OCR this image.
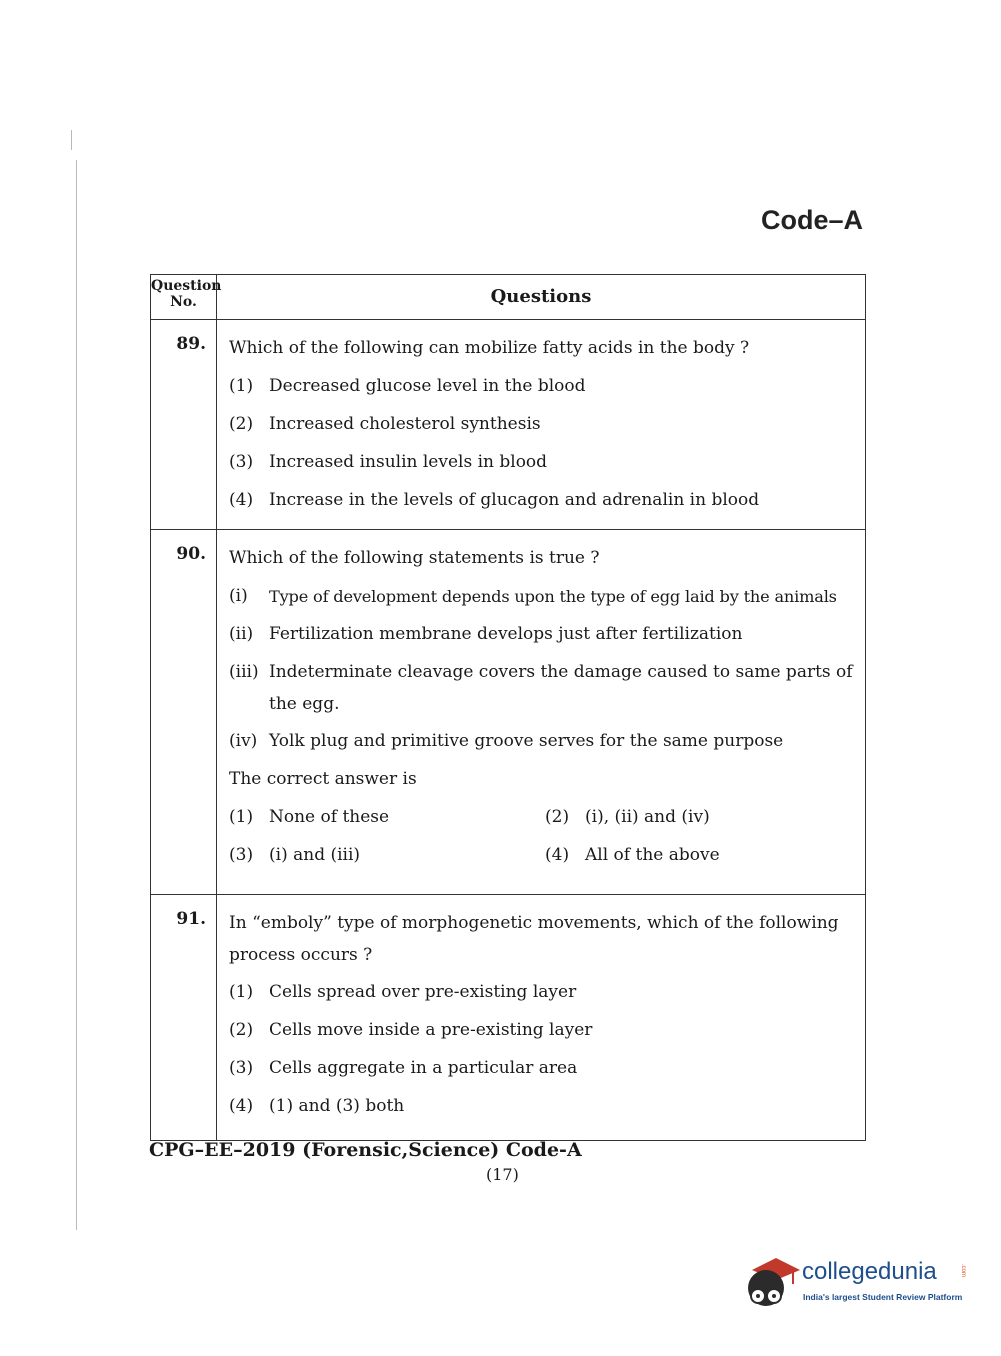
Code–A
Question No.	Questions
89.	Which of the following can mobilize fatty acids in the body ?
(1) Decreased glucose level in the blood
(2) Increased cholesterol synthesis
(3) Increased insulin levels in blood
(4) Increase in the levels of glucagon and adrenalin in blood
90.	Which of the following statements is true ?
(i)	Type of development depends upon the type of egg laid by the animals
(ii) Fertilization membrane develops just after fertilization
(iii) Indeterminate cleavage covers the damage caused to same parts of the egg.
(iv) Yolk plug and primitive groove serves for the same purpose
The correct answer is
(1) None of these	(2) (i), (ii) and (iv)
(3) (i) and (iii)	(4) All of the above
91.	In “emboly” type of morphogenetic movements, which of the following process occurs ?
(1) Cells spread over pre-existing layer
(2) Cells move inside a pre-existing layer
(3) Cells aggregate in a particular area
(4) (1) and (3) both
CPG–EE–2019 (Forensic,Science) Code-A
(17)
collegedunia	.com
India's largest Student Review Platform
